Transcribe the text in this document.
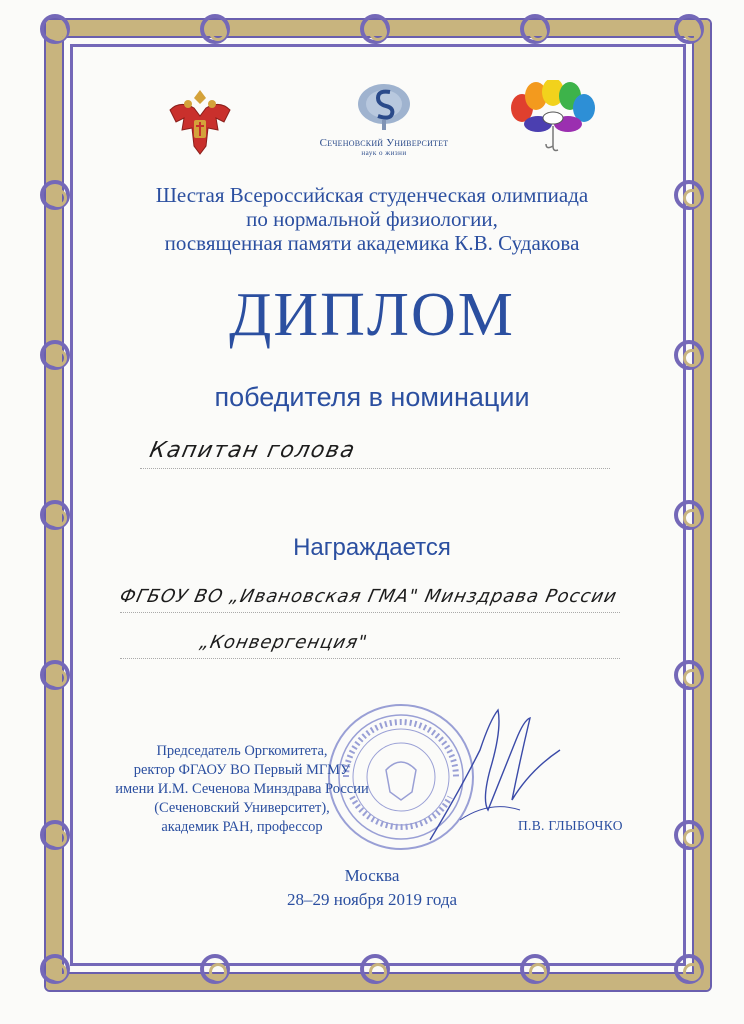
Сеченовский Университет
наук о жизни
Шестая Всероссийская студенческая олимпиада
по нормальной физиологии,
посвященная памяти академика К.В. Судакова
ДИПЛОМ
победителя в номинации
Капитан голова
Награждается
ФГБОУ ВО „Ивановская ГМА" Минздрава России
„Конвергенция"
Председатель Оргкомитета,
ректор ФГАОУ ВО Первый МГМУ
имени И.М. Сеченова Минздрава России
(Сеченовский Университет),
академик РАН, профессор	П.В. ГЛЫБОЧКО
Москва
28–29 ноября 2019 года
